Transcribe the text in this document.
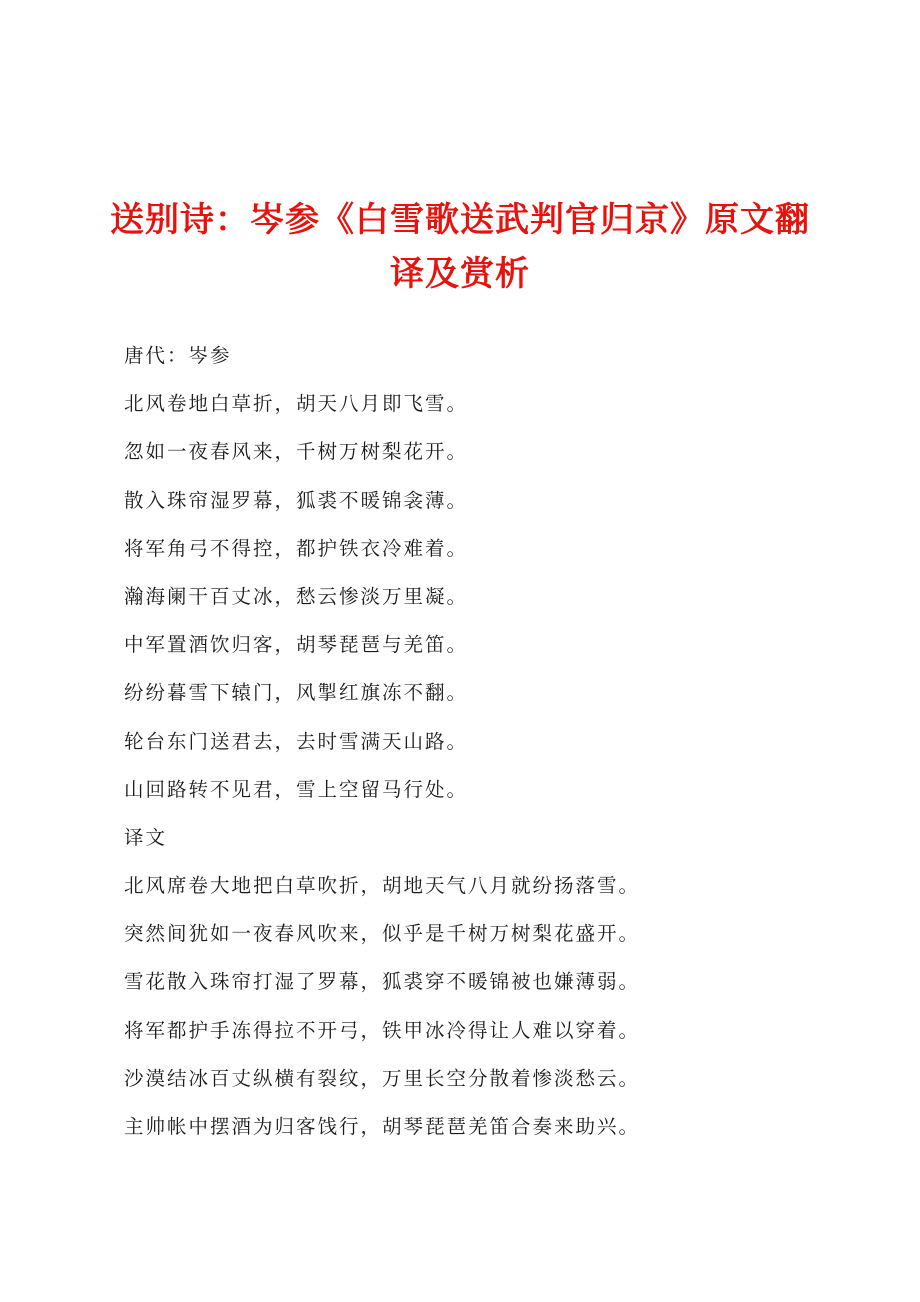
送别诗：岑参《白雪歌送武判官归京》原文翻译及赏析

唐代：岑参

北风卷地白草折，胡天八月即飞雪。

忽如一夜春风来，千树万树梨花开。

散入珠帘湿罗幕，狐裘不暖锦衾薄。

将军角弓不得控，都护铁衣冷难着。

瀚海阑干百丈冰，愁云惨淡万里凝。

中军置酒饮归客，胡琴琵琶与羌笛。

纷纷暮雪下辕门，风掣红旗冻不翻。

轮台东门送君去，去时雪满天山路。

山回路转不见君，雪上空留马行处。

译文

北风席卷大地把白草吹折，胡地天气八月就纷扬落雪。

突然间犹如一夜春风吹来，似乎是千树万树梨花盛开。

雪花散入珠帘打湿了罗幕，狐裘穿不暖锦被也嫌薄弱。

将军都护手冻得拉不开弓，铁甲冰冷得让人难以穿着。

沙漠结冰百丈纵横有裂纹，万里长空分散着惨淡愁云。

主帅帐中摆酒为归客饯行，胡琴琵琶羌笛合奏来助兴。
